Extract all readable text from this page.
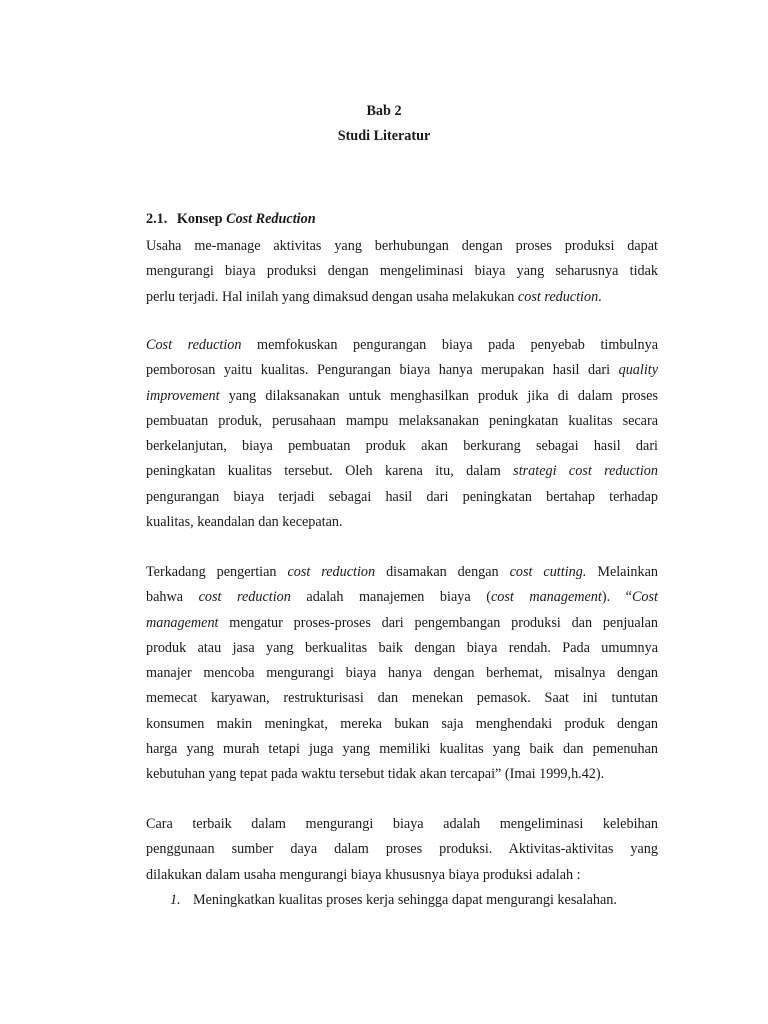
Bab 2
Studi Literatur
2.1. Konsep Cost Reduction

Usaha me-manage aktivitas yang berhubungan dengan proses produksi dapat
mengurangi biaya produksi dengan mengeliminasi biaya yang seharusnya tidak
perlu terjadi. Hal inilah yang dimaksud dengan usaha melakukan cost reduction.

Cost reduction memfokuskan pengurangan biaya pada penyebab timbulnya
pemborosan yaitu kualitas. Pengurangan biaya hanya merupakan hasil dari quality
improvement yang dilaksanakan untuk menghasilkan produk jika di dalam proses
pembuatan produk, perusahaan mampu melaksanakan peningkatan kualitas secara
berkelanjutan, biaya pembuatan produk akan berkurang sebagai hasil dari
peningkatan kualitas tersebut. Oleh karena itu, dalam strategi cost reduction
pengurangan biaya terjadi sebagai hasil dari peningkatan bertahap terhadap
kualitas, keandalan dan kecepatan.

Terkadang pengertian cost reduction disamakan dengan cost cutting. Melainkan
bahwa cost reduction adalah manajemen biaya (cost management). “Cost
management mengatur proses-proses dari pengembangan produksi dan penjualan
produk atau jasa yang berkualitas baik dengan biaya rendah. Pada umumnya
manajer mencoba mengurangi biaya hanya dengan berhemat, misalnya dengan
memecat karyawan, restrukturisasi dan menekan pemasok. Saat ini tuntutan
konsumen makin meningkat, mereka bukan saja menghendaki produk dengan
harga yang murah tetapi juga yang memiliki kualitas yang baik dan pemenuhan
kebutuhan yang tepat pada waktu tersebut tidak akan tercapai” (Imai 1999,h.42).

Cara terbaik dalam mengurangi biaya adalah mengeliminasi kelebihan
penggunaan sumber daya dalam proses produksi. Aktivitas-aktivitas yang
dilakukan dalam usaha mengurangi biaya khususnya biaya produksi adalah :

1. Meningkatkan kualitas proses kerja sehingga dapat mengurangi kesalahan.
